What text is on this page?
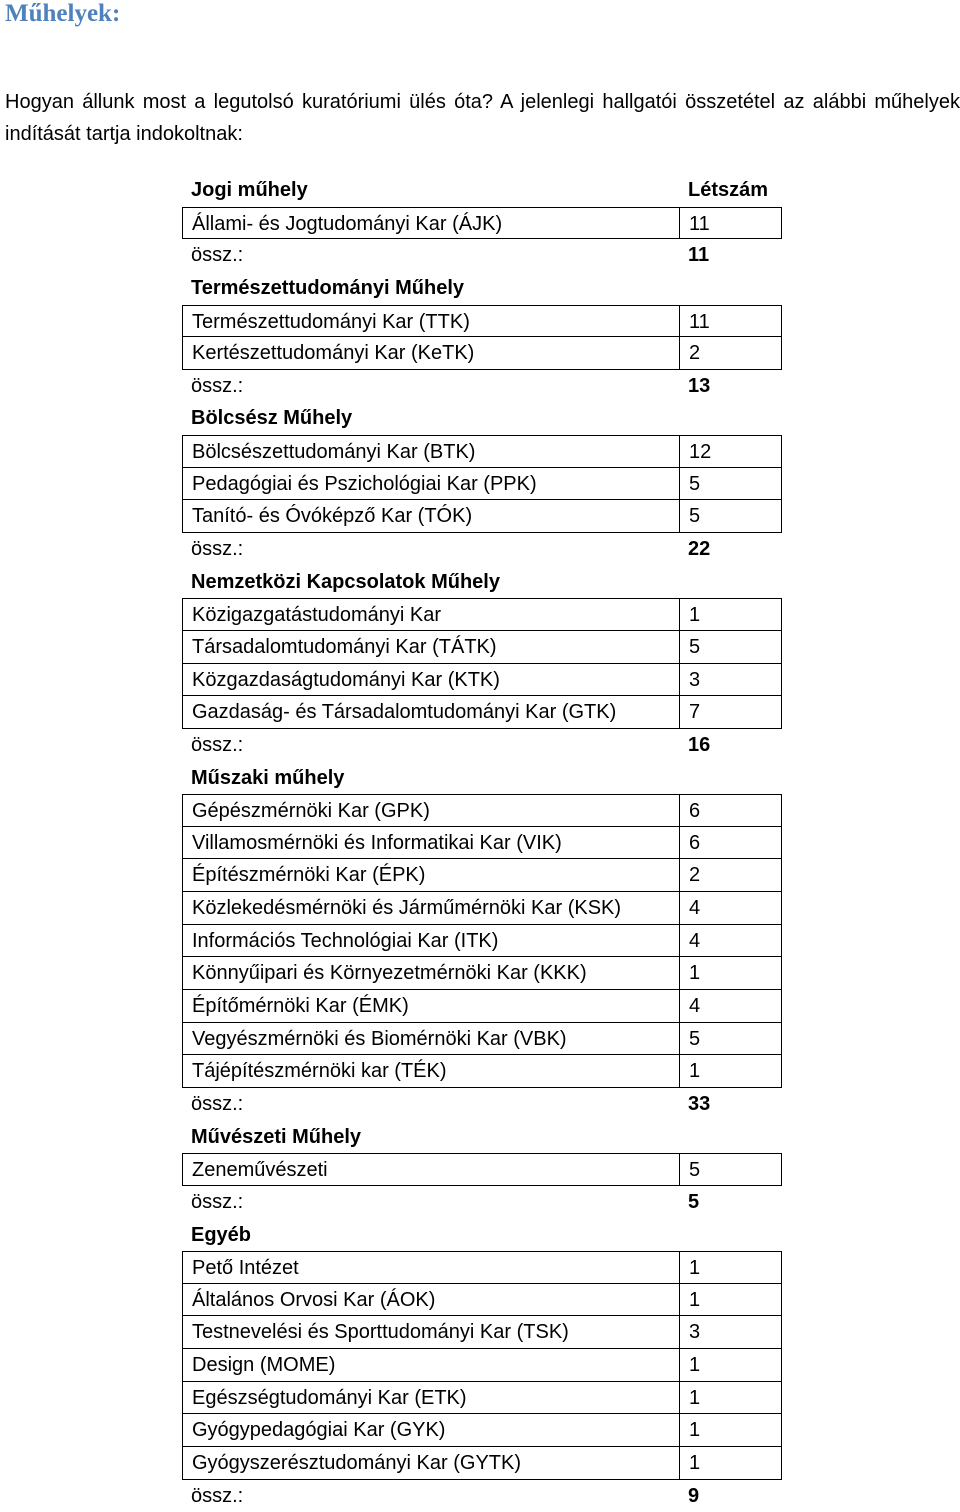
Műhelyek:
Hogyan állunk most a legutolsó kuratóriumi ülés óta? A jelenlegi hallgatói összetétel az alábbi műhelyek indítását tartja indokoltnak:
Jogi műhely	Létszám
Állami- és Jogtudományi Kar (ÁJK)	11
össz.:	11
Természettudományi Műhely
Természettudományi Kar (TTK)	11
Kertészettudományi Kar (KeTK)	2
össz.:	13
Bölcsész Műhely
Bölcsészettudományi Kar (BTK)	12
Pedagógiai és Pszichológiai Kar (PPK)	5
Tanító- és Óvóképző Kar (TÓK)	5
össz.:	22
Nemzetközi Kapcsolatok Műhely
Közigazgatástudományi Kar	1
Társadalomtudományi Kar (TÁTK)	5
Közgazdaságtudományi Kar (KTK)	3
Gazdaság- és Társadalomtudományi Kar (GTK)	7
össz.:	16
Műszaki műhely
Gépészmérnöki Kar (GPK)	6
Villamosmérnöki és Informatikai Kar (VIK)	6
Építészmérnöki Kar (ÉPK)	2
Közlekedésmérnöki és Járműmérnöki Kar (KSK)	4
Információs Technológiai Kar (ITK)	4
Könnyűipari és Környezetmérnöki Kar (KKK)	1
Építőmérnöki Kar (ÉMK)	4
Vegyészmérnöki és Biomérnöki Kar (VBK)	5
Tájépítészmérnöki kar (TÉK)	1
össz.:	33
Művészeti Műhely
Zeneművészeti	5
össz.:	5
Egyéb
Pető Intézet	1
Általános Orvosi Kar (ÁOK)	1
Testnevelési és Sporttudományi Kar (TSK)	3
Design (MOME)	1
Egészségtudományi Kar (ETK)	1
Gyógypedagógiai Kar (GYK)	1
Gyógyszerésztudományi Kar (GYTK)	1
össz.:	9
